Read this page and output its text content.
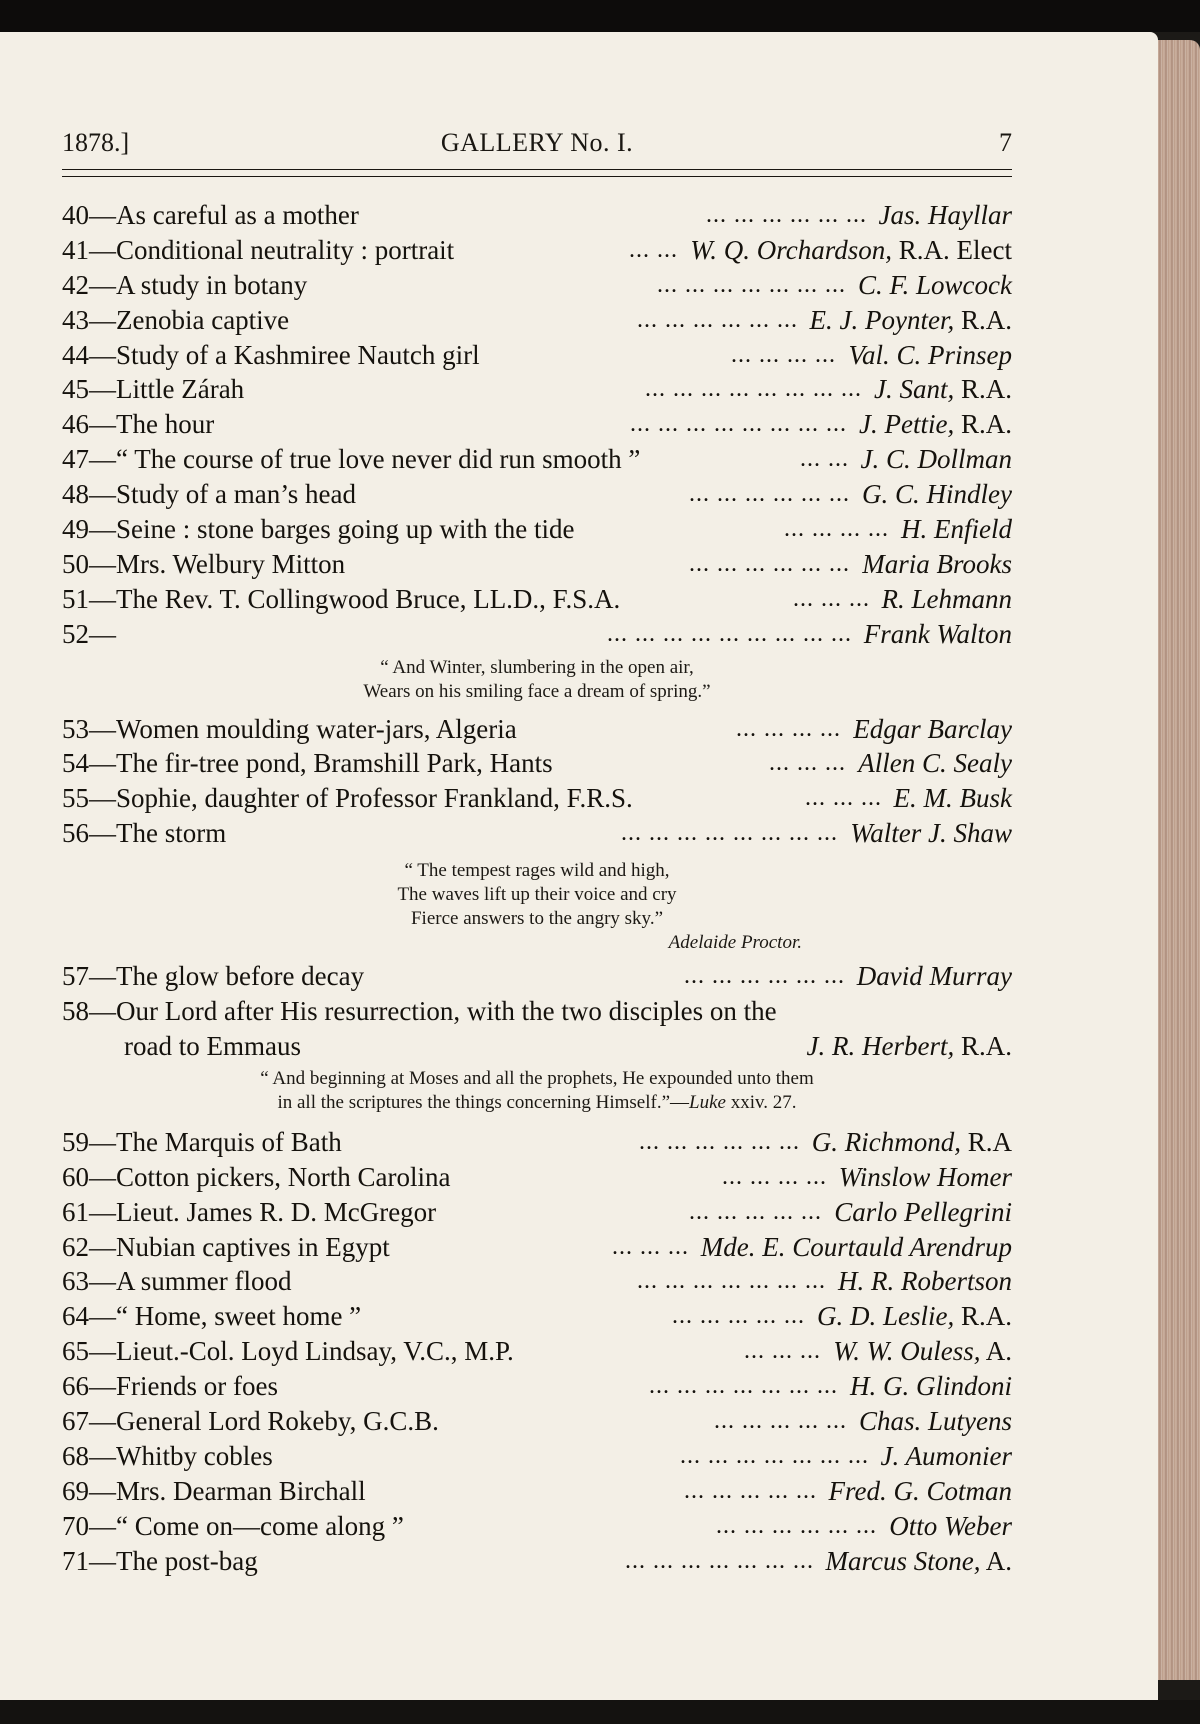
1878.]	GALLERY No. I.	7
40—As careful as a mother	... ... ... ... ... ... Jas. Hayllar
41—Conditional neutrality : portrait	... ... W. Q. Orchardson, R.A. Elect
42—A study in botany	... ... ... ... ... ... ... C. F. Lowcock
43—Zenobia captive	... ... ... ... ... ... E. J. Poynter, R.A.
44—Study of a Kashmiree Nautch girl	... ... ... ... Val. C. Prinsep
45—Little Zárah	... ... ... ... ... ... ... ... J. Sant, R.A.
46—The hour	... ... ... ... ... ... ... ... J. Pettie, R.A.
47—“ The course of true love never did run smooth ”	... ... J. C. Dollman
48—Study of a man’s head	... ... ... ... ... ... G. C. Hindley
49—Seine : stone barges going up with the tide	... ... ... ... H. Enfield
50—Mrs. Welbury Mitton	... ... ... ... ... ... Maria Brooks
51—The Rev. T. Collingwood Bruce, LL.D., F.S.A.	... ... ... R. Lehmann
52—	... ... ... ... ... ... ... ... ... Frank Walton
“ And Winter, slumbering in the open air,
Wears on his smiling face a dream of spring.”
53—Women moulding water-jars, Algeria	... ... ... ... Edgar Barclay
54—The fir-tree pond, Bramshill Park, Hants	... ... ... Allen C. Sealy
55—Sophie, daughter of Professor Frankland, F.R.S.	... ... ... E. M. Busk
56—The storm	... ... ... ... ... ... ... ... Walter J. Shaw
“ The tempest rages wild and high,
The waves lift up their voice and cry
Fierce answers to the angry sky.”
Adelaide Proctor.
57—The glow before decay	... ... ... ... ... ... David Murray
58—Our Lord after His resurrection, with the two disciples on the
road to Emmaus	J. R. Herbert, R.A.
“ And beginning at Moses and all the prophets, He expounded unto them
in all the scriptures the things concerning Himself.”—Luke xxiv. 27.
59—The Marquis of Bath	... ... ... ... ... ... G. Richmond, R.A
60—Cotton pickers, North Carolina	... ... ... ... Winslow Homer
61—Lieut. James R. D. McGregor	... ... ... ... ... Carlo Pellegrini
62—Nubian captives in Egypt	... ... ... Mde. E. Courtauld Arendrup
63—A summer flood	... ... ... ... ... ... ... H. R. Robertson
64—“ Home, sweet home ”	... ... ... ... ... G. D. Leslie, R.A.
65—Lieut.-Col. Loyd Lindsay, V.C., M.P.	... ... ... W. W. Ouless, A.
66—Friends or foes	... ... ... ... ... ... ... H. G. Glindoni
67—General Lord Rokeby, G.C.B.	... ... ... ... ... Chas. Lutyens
68—Whitby cobles	... ... ... ... ... ... ... J. Aumonier
69—Mrs. Dearman Birchall	... ... ... ... ... Fred. G. Cotman
70—“ Come on—come along ”	... ... ... ... ... ... Otto Weber
71—The post-bag	... ... ... ... ... ... ... Marcus Stone, A.
